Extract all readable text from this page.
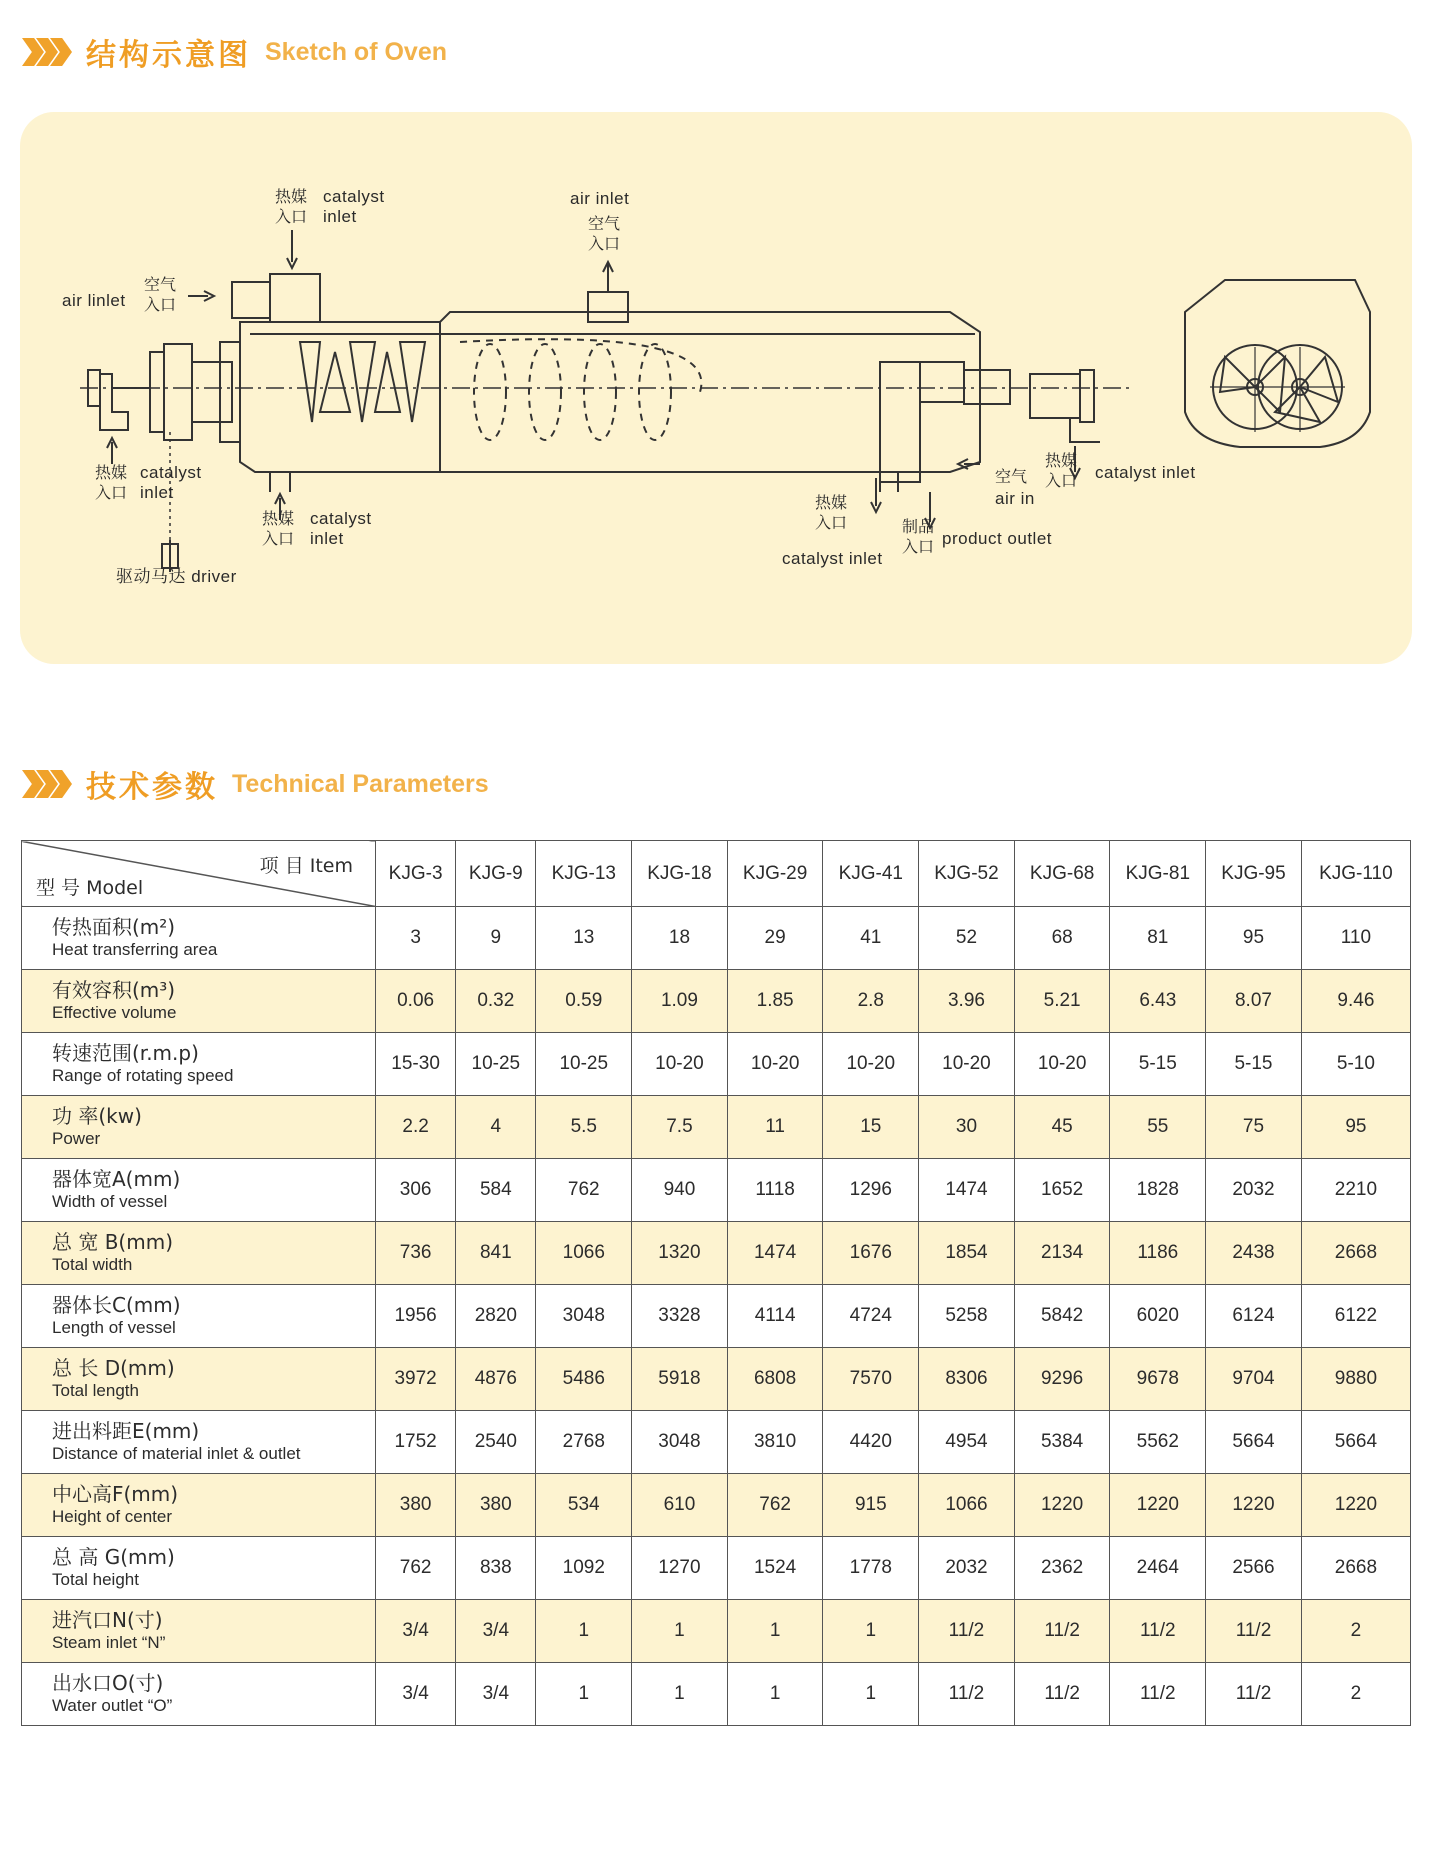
结构示意图 Sketch of Oven
热媒 catalyst
入口 inlet
air inlet
空气
入口
air linlet
空气
入口
热媒 catalyst
入口 inlet
热媒 catalyst
入口 inlet
驱动马达 driver
热媒
入口
catalyst inlet
制品
入口 product outlet
空气
air in
热媒
入口 catalyst inlet
技术参数 Technical Parameters
项 目 Item
型 号 Model	KJG-3	KJG-9	KJG-13	KJG-18	KJG-29	KJG-41	KJG-52	KJG-68	KJG-81	KJG-95	KJG-110

传热面积(m²)
Heat transferring area	3	9	13	18	29	41	52	68	81	95	110

有效容积(m³)
Effective volume	0.06	0.32	0.59	1.09	1.85	2.8	3.96	5.21	6.43	8.07	9.46

转速范围(r.m.p)
Range of rotating speed	15-30	10-25	10-25	10-20	10-20	10-20	10-20	10-20	5-15	5-15	5-10

功 率(kw)
Power	2.2	4	5.5	7.5	11	15	30	45	55	75	95

器体宽A(mm)
Width of vessel	306	584	762	940	1118	1296	1474	1652	1828	2032	2210

总 宽 B(mm)
Total width	736	841	1066	1320	1474	1676	1854	2134	1186	2438	2668

器体长C(mm)
Length of vessel	1956	2820	3048	3328	4114	4724	5258	5842	6020	6124	6122

总 长 D(mm)
Total length	3972	4876	5486	5918	6808	7570	8306	9296	9678	9704	9880

进出料距E(mm)
Distance of material inlet & outlet	1752	2540	2768	3048	3810	4420	4954	5384	5562	5664	5664

中心高F(mm)
Height of center	380	380	534	610	762	915	1066	1220	1220	1220	1220

总 高 G(mm)
Total height	762	838	1092	1270	1524	1778	2032	2362	2464	2566	2668

进汽口N(寸)
Steam inlet “N”	3/4	3/4	1	1	1	1	11/2	11/2	11/2	11/2	2

出水口O(寸)
Water outlet “O”	3/4	3/4	1	1	1	1	11/2	11/2	11/2	11/2	2
